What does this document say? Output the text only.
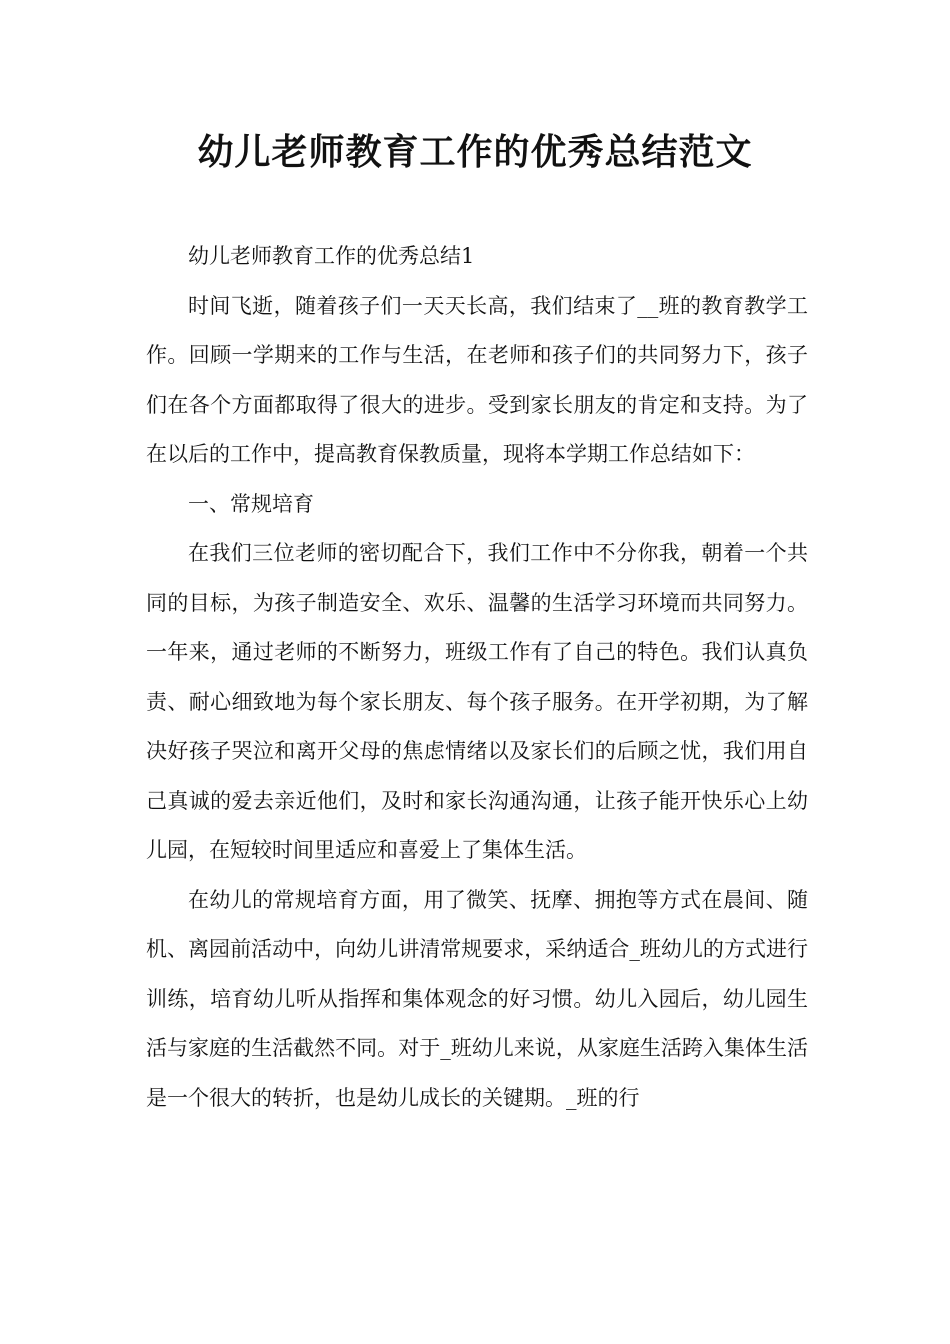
幼儿老师教育工作的优秀总结范文

幼儿老师教育工作的优秀总结1

时间飞逝，随着孩子们一天天长高，我们结束了__班的教育教学工作。回顾一学期来的工作与生活，在老师和孩子们的共同努力下，孩子们在各个方面都取得了很大的进步。受到家长朋友的肯定和支持。为了在以后的工作中，提高教育保教质量，现将本学期工作总结如下：

一、常规培育

在我们三位老师的密切配合下，我们工作中不分你我，朝着一个共同的目标，为孩子制造安全、欢乐、温馨的生活学习环境而共同努力。一年来，通过老师的不断努力，班级工作有了自己的特色。我们认真负责、耐心细致地为每个家长朋友、每个孩子服务。在开学初期，为了解决好孩子哭泣和离开父母的焦虑情绪以及家长们的后顾之忧，我们用自己真诚的爱去亲近他们，及时和家长沟通沟通，让孩子能开快乐心上幼儿园，在短较时间里适应和喜爱上了集体生活。

在幼儿的常规培育方面，用了微笑、抚摩、拥抱等方式在晨间、随机、离园前活动中，向幼儿讲清常规要求，采纳适合_班幼儿的方式进行训练，培育幼儿听从指挥和集体观念的好习惯。幼儿入园后，幼儿园生活与家庭的生活截然不同。对于_班幼儿来说，从家庭生活跨入集体生活是一个很大的转折，也是幼儿成长的关键期。_班的行
